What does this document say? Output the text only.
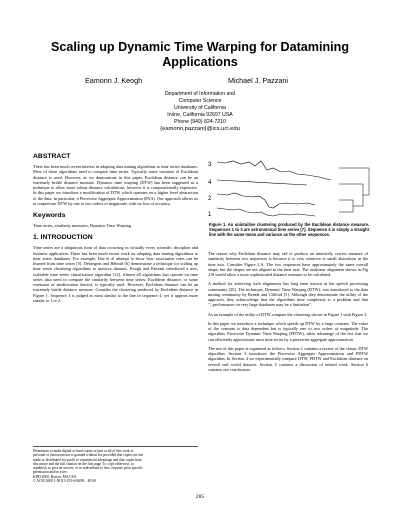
Scaling up Dynamic Time Warping for Datamining Applications
Eamonn J. Keogh	Michael J. Pazzani
Department of Information and
Computer Science
University of California
Irvine, California 92697 USA
Phone (949) 824-7210
{eamonn,pazzani}@ics.uci.edu
ABSTRACT

There has been much recent interest in adapting data mining algorithms to time series databases. Most of these algorithms need to compare time series. Typically some variation of Euclidean distance is used. However, as we demonstrate in this paper, Euclidean distance can be an extremely brittle distance measure. Dynamic time warping (DTW) has been suggested as a technique to allow more robust distance calculations, however it is computationally expensive. In this paper we introduce a modification of DTW which operates on a higher level abstraction of the data, in particular, a Piecewise Aggregate Approximation (PAA). Our approach allows us to outperform DTW by one to two orders of magnitude, with no loss of accuracy.

Keywords

Time series, similarity measures, Dynamic Time Warping.

1. INTRODUCTION

Time series are a ubiquitous form of data occurring in virtually every scientific discipline and business application. There has been much recent work on adapting data mining algorithms to time series databases. For example, Das et al attempt to show how association rules can be learned from time series [5]. Debregeas and Hebrail [6] demonstrate a technique for scaling up time series clustering algorithms to massive datasets. Keogh and Pazzani introduced a new, scaleable time series classification algorithm [12]. Almost all algorithms that operate on time series data need to compute the similarity between time series. Euclidean distance, or some extension or modification thereof, is typically used. However, Euclidean distance can be an extremely brittle distance measure. Consider the clustering produced by Euclidean distance in Figure 1. Sequence 3 is judged as most similar to the line in sequence 4, yet it appears more similar to 1 or 2.

3
4
2
1
Figure 1. An unintuitive clustering produced by the Euclidean distance measure. Sequences 1 to 3 are astronomical time series [7]. Sequence 4 is simply a straight line with the same mean and variance as the other sequences.

The reason why Euclidean distance may fail to produce an intuitively correct measure of similarity between two sequences is because it is very sensitive to small distortions in the time axis. Consider Figure 2.A. The two sequences have approximately the same overall shape, but the shapes are not aligned in the time axis. The nonlinear alignment shown in Fig 2.B would allow a more sophisticated distance measure to be calculated.

A method for achieving such alignments has long been known in the speech processing community [20]. The technique, Dynamic Time Warping (DTW), was introduced to the data mining community by Berndt and Clifford [3]. Although they demonstrate the utility of the approach, they acknowledge that the algorithms time complexity is a problem and that "...performance on very large databases may be a limitation".

As an example of the utility of DTW compare the clustering shown in Figure 1 with Figure 3.

In this paper we introduce a technique which speeds up DTW by a large constant. The value of the constant is data dependent but is typically one to two orders of magnitude. The algorithm, Piecewise Dynamic Time Warping (PDTW), takes advantage of the fact that we can efficiently approximate most time series by a piecewise aggregate approximation.

The rest of this paper is organized as follows. Section 2 contains a review of the classic DTW algorithm. Section 3 introduces the Piecewise Aggregate Approximation and PDTW algorithm. In Section 4 we experimentally compare DTW, PDTW and Euclidean distance on several real world datasets. Section 5 contains a discussion of related work. Section 6 contains our conclusions.

Permission to make digital or hard copies of part or all of this work or
personal or classroom use is granted without fee provided that copies are not
made or distributed for profit or commercial advantage and that copies bear
this notice and the full citation on the first page. To copy otherwise, to
republish, to post on servers, or to redistribute to lists, requires prior specific
permission and/or a fee.
KDD 2000, Boston, MA USA
© ACM 2000 1-58113-253-6/00/08 ...$5.00
285
